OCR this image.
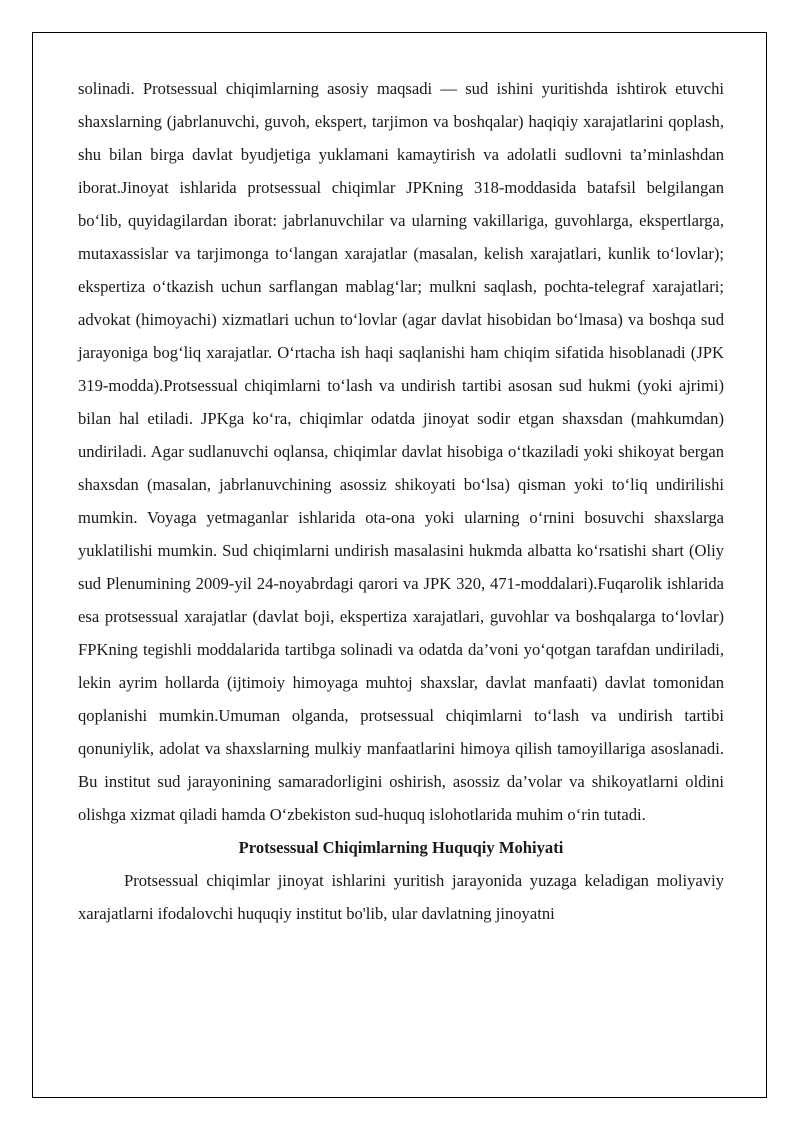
solinadi. Protsessual chiqimlarning asosiy maqsadi — sud ishini yuritishda ishtirok etuvchi shaxslarning (jabrlanuvchi, guvoh, ekspert, tarjimon va boshqalar) haqiqiy xarajatlarini qoplash, shu bilan birga davlat byudjetiga yuklamani kamaytirish va adolatli sudlovni ta’minlashdan iborat.Jinoyat ishlarida protsessual chiqimlar JPKning 318-moddasida batafsil belgilangan bo‘lib, quyidagilardan iborat: jabrlanuvchilar va ularning vakillariga, guvohlarga, ekspertlarga, mutaxassislar va tarjimonga to‘langan xarajatlar (masalan, kelish xarajatlari, kunlik to‘lovlar); ekspertiza o‘tkazish uchun sarflangan mablag‘lar; mulkni saqlash, pochta-telegraf xarajatlari; advokat (himoyachi) xizmatlari uchun to‘lovlar (agar davlat hisobidan bo‘lmasa) va boshqa sud jarayoniga bog‘liq xarajatlar. O‘rtacha ish haqi saqlanishi ham chiqim sifatida hisoblanadi (JPK 319-modda).Protsessual chiqimlarni to‘lash va undirish tartibi asosan sud hukmi (yoki ajrimi) bilan hal etiladi. JPKga ko‘ra, chiqimlar odatda jinoyat sodir etgan shaxsdan (mahkumdan) undiriladi. Agar sudlanuvchi oqlansa, chiqimlar davlat hisobiga o‘tkaziladi yoki shikoyat bergan shaxsdan (masalan, jabrlanuvchining asossiz shikoyati bo‘lsa) qisman yoki to‘liq undirilishi mumkin. Voyaga yetmaganlar ishlarida ota-ona yoki ularning o‘rnini bosuvchi shaxslarga yuklatilishi mumkin. Sud chiqimlarni undirish masalasini hukmda albatta ko‘rsatishi shart (Oliy sud Plenumining 2009-yil 24-noyabrdagi qarori va JPK 320, 471-moddalari).Fuqarolik ishlarida esa protsessual xarajatlar (davlat boji, ekspertiza xarajatlari, guvohlar va boshqalarga to‘lovlar) FPKning tegishli moddalarida tartibga solinadi va odatda da’voni yo‘qotgan tarafdan undiriladi, lekin ayrim hollarda (ijtimoiy himoyaga muhtoj shaxslar, davlat manfaati) davlat tomonidan qoplanishi mumkin.Umuman olganda, protsessual chiqimlarni to‘lash va undirish tartibi qonuniylik, adolat va shaxslarning mulkiy manfaatlarini himoya qilish tamoyillariga asoslanadi. Bu institut sud jarayonining samaradorligini oshirish, asossiz da’volar va shikoyatlarni oldini olishga xizmat qiladi hamda O‘zbekiston sud-huquq islohotlarida muhim o‘rin tutadi.

Protsessual Chiqimlarning Huquqiy Mohiyati

Protsessual chiqimlar jinoyat ishlarini yuritish jarayonida yuzaga keladigan moliyaviy xarajatlarni ifodalovchi huquqiy institut bo'lib, ular davlatning jinoyatni
